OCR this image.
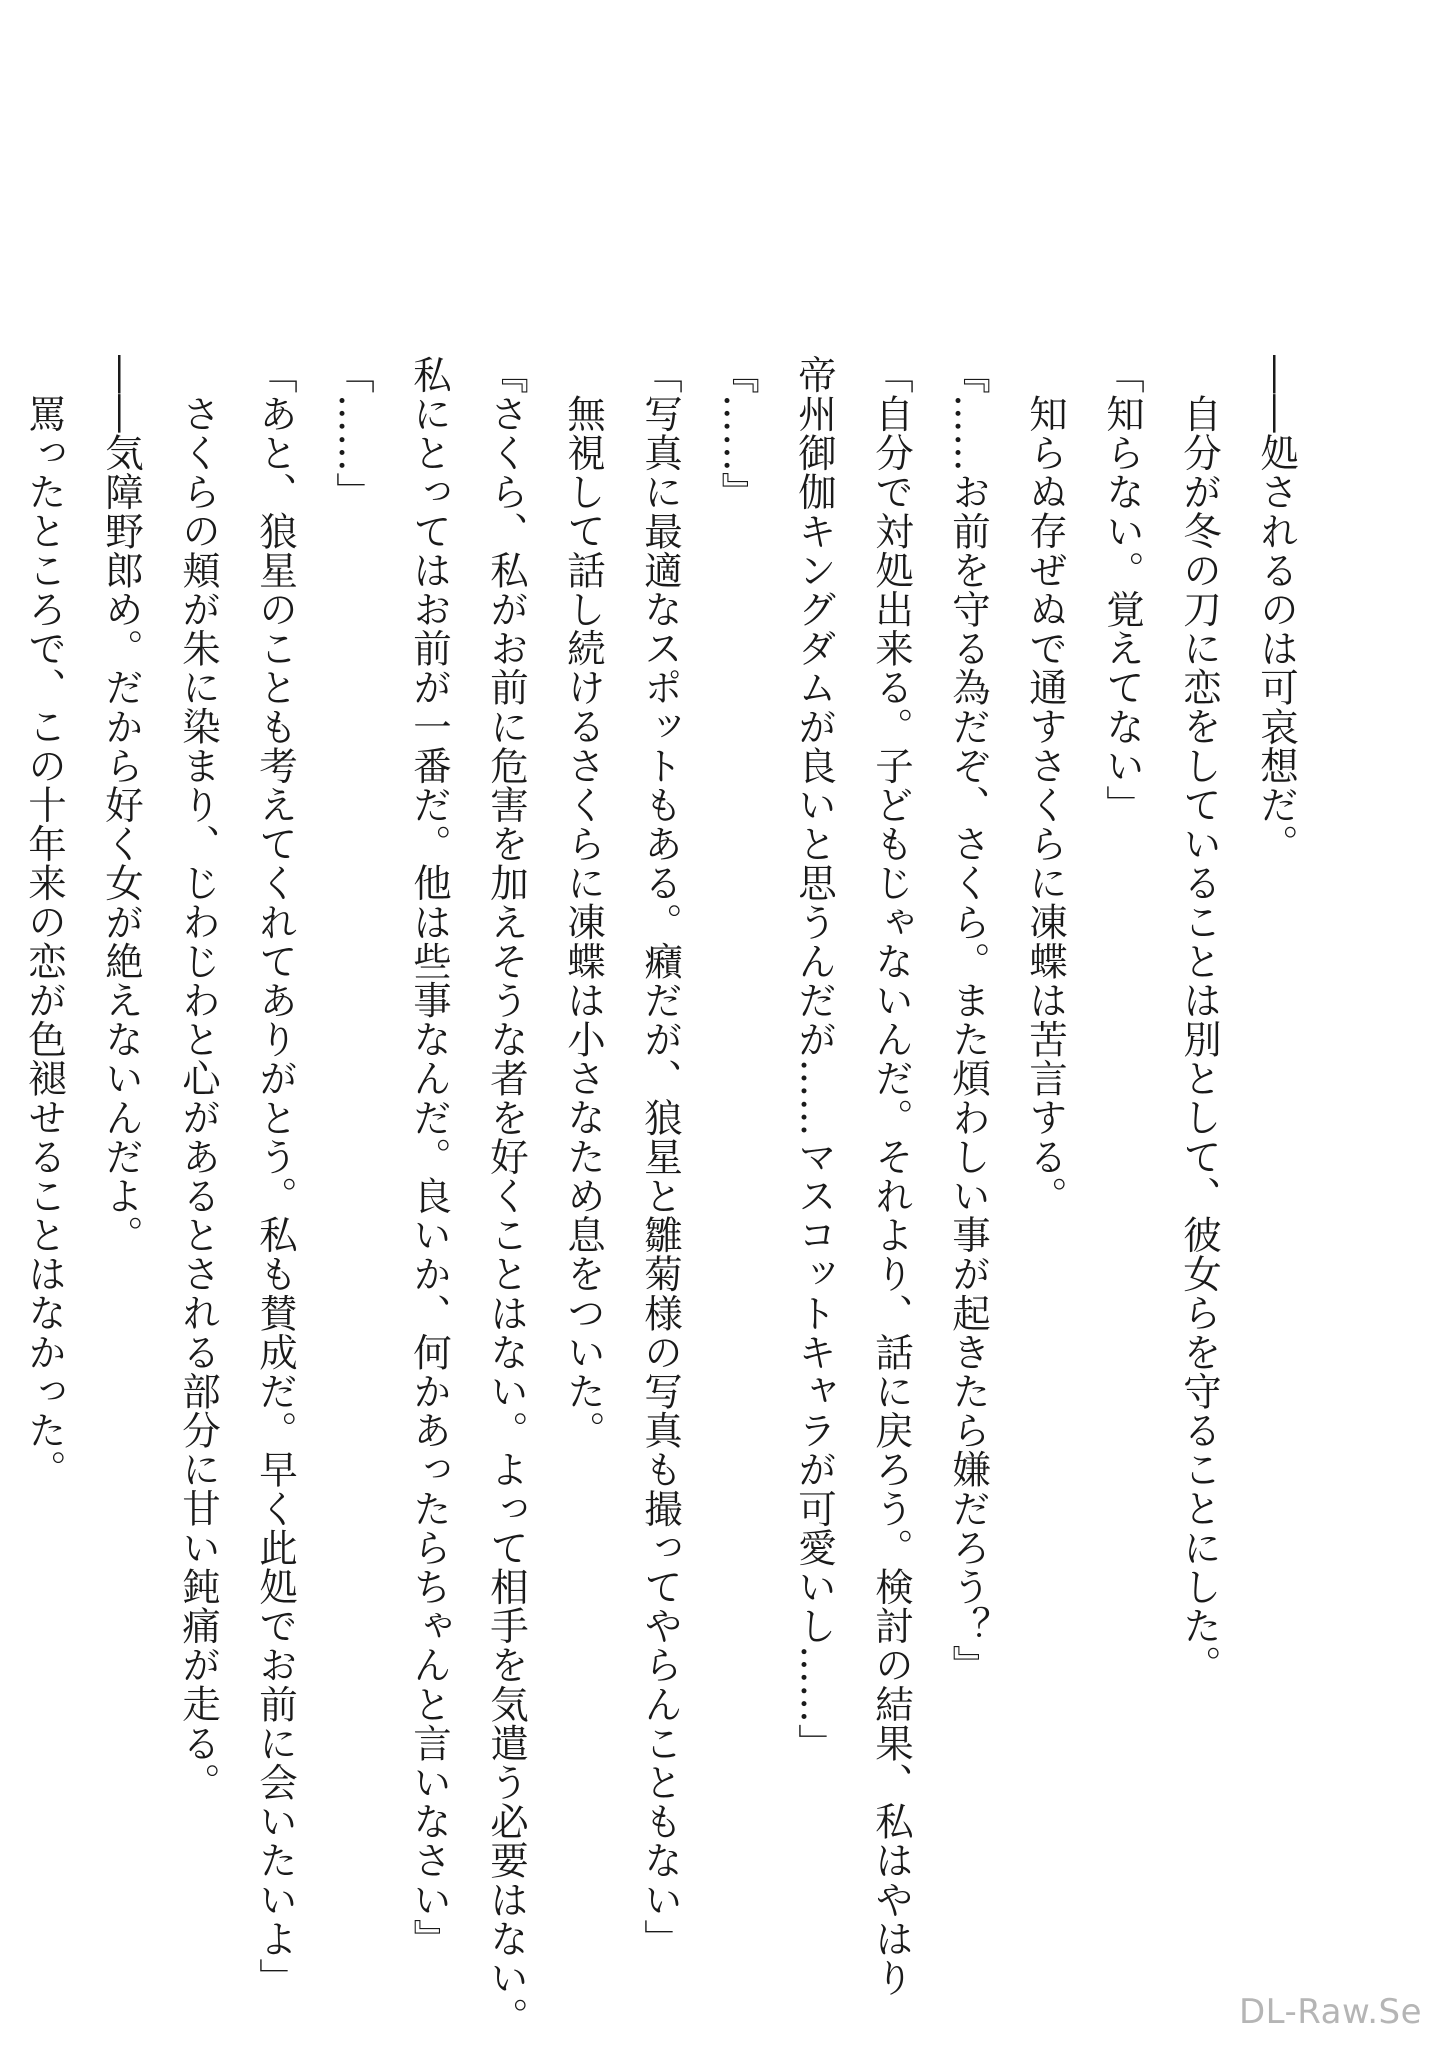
――処されるのは可哀想だ。
自分が冬の刀に恋をしていることは別として、彼女らを守ることにした。
「知らない。覚えてない」
知らぬ存ぜぬで通すさくらに凍蝶は苦言する。
『……お前を守る為だぞ、さくら。また煩わしい事が起きたら嫌だろう？』
「自分で対処出来る。子どもじゃないんだ。それより、話に戻ろう。検討の結果、私はやはり
帝州御伽キングダムが良いと思うんだが……マスコットキャラが可愛いし……」
『……』
「写真に最適なスポットもある。癪だが、狼星と雛菊様の写真も撮ってやらんこともない」
無視して話し続けるさくらに凍蝶は小さなため息をついた。
『さくら、私がお前に危害を加えそうな者を好くことはない。よって相手を気遣う必要はない。
私にとってはお前が一番だ。他は些事なんだ。良いか、何かあったらちゃんと言いなさい』
「……」
「あと、狼星のことも考えてくれてありがとう。私も賛成だ。早く此処でお前に会いたいよ」
さくらの頬が朱に染まり、じわじわと心があるとされる部分に甘い鈍痛が走る。
――気障野郎め。だから好く女が絶えないんだよ。
罵ったところで、この十年来の恋が色褪せることはなかった。
DL-Raw.Se
